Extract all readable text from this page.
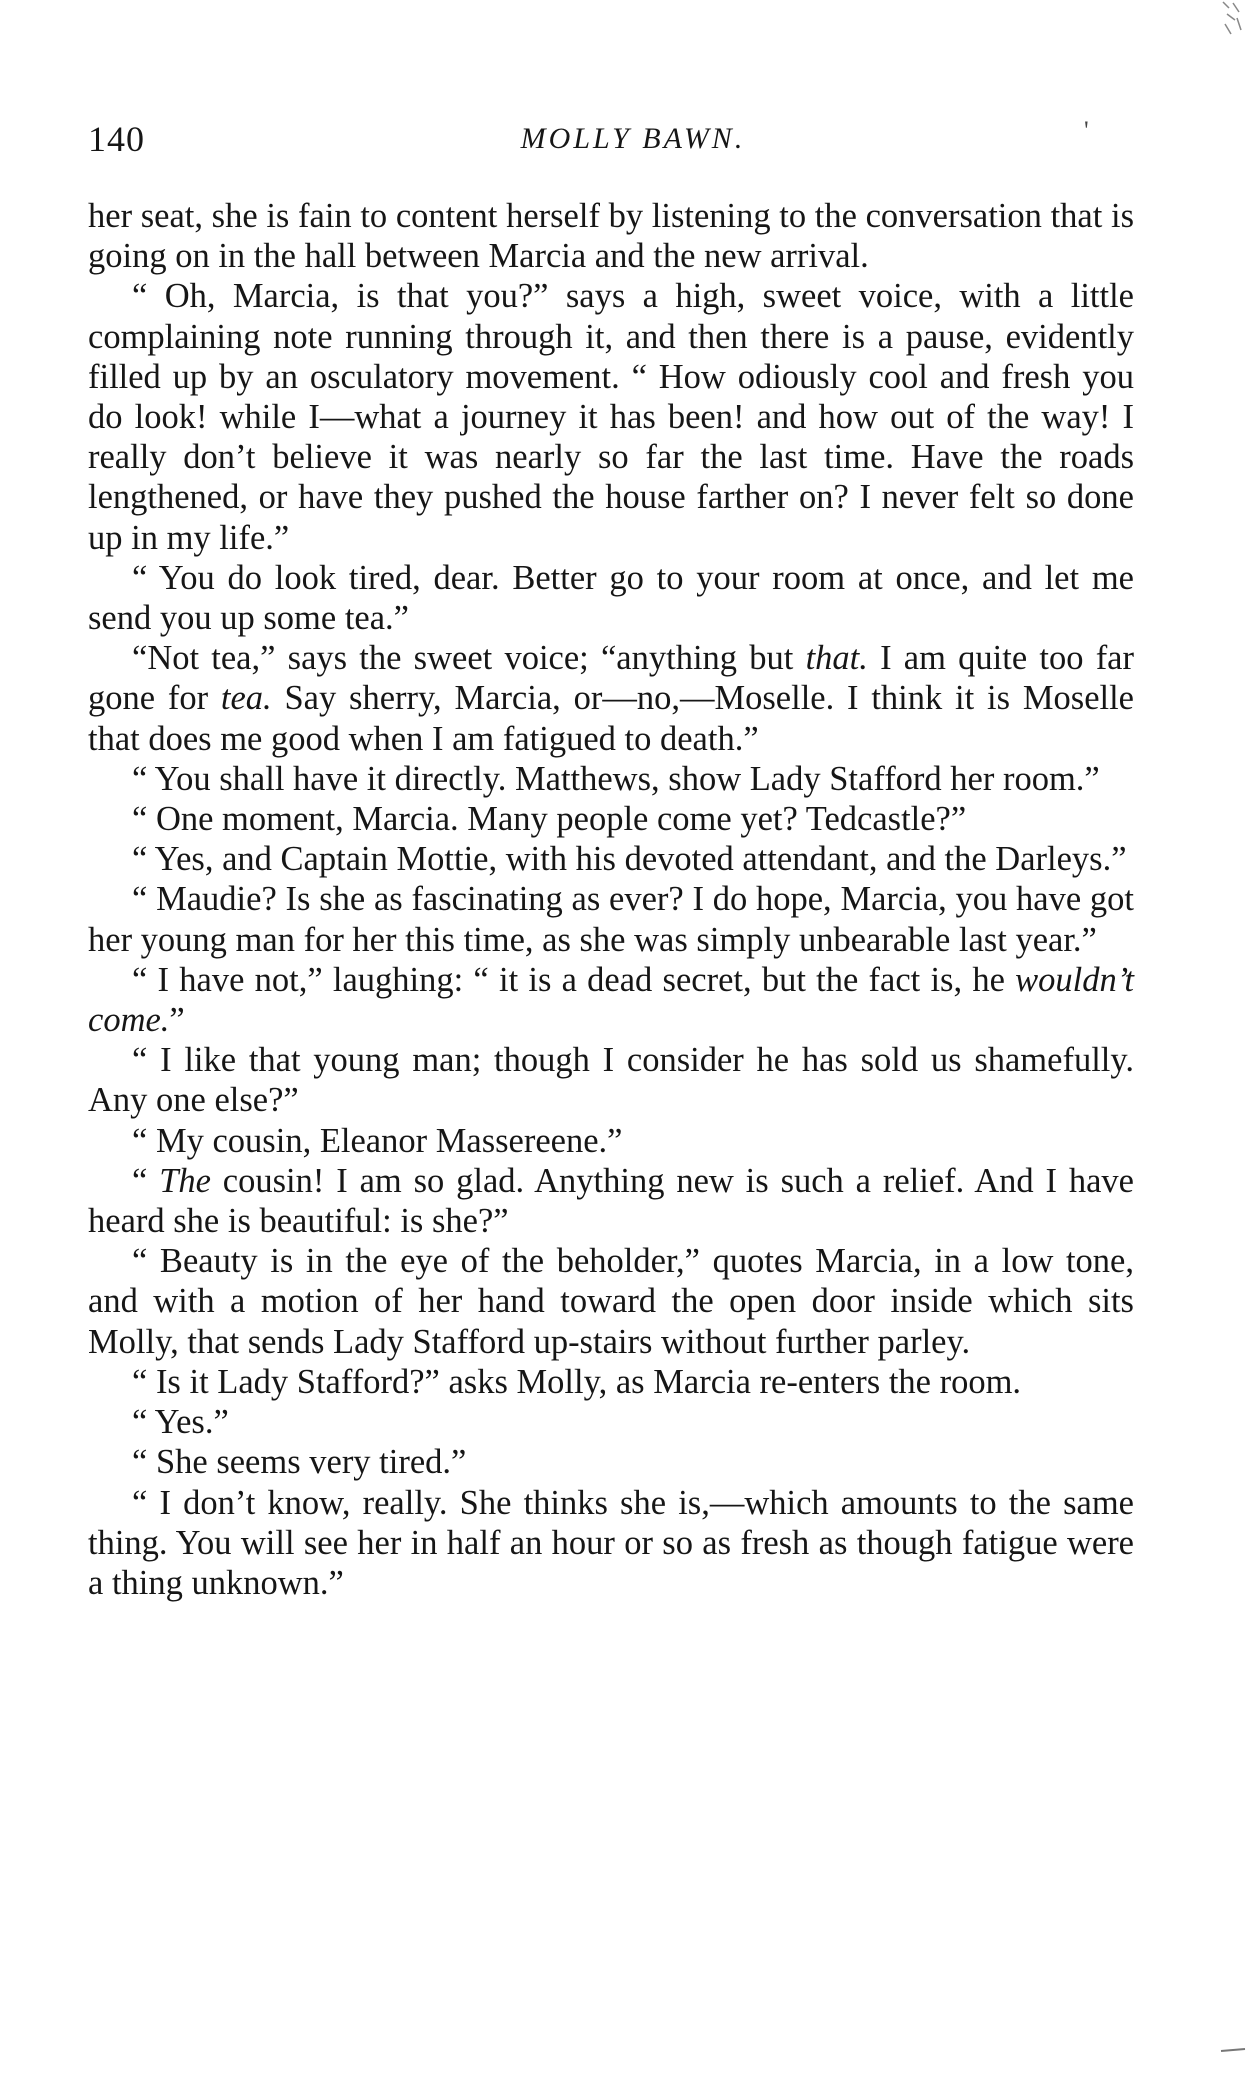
140	MOLLY BAWN.	'

her seat, she is fain to content herself by listening to the conversation that is going on in the hall between Marcia and the new arrival.

“ Oh, Marcia, is that you?” says a high, sweet voice, with a little complaining note running through it, and then there is a pause, evidently filled up by an osculatory movement. “ How odiously cool and fresh you do look! while I—what a journey it has been! and how out of the way! I really don’t believe it was nearly so far the last time. Have the roads lengthened, or have they pushed the house farther on? I never felt so done up in my life.”

“ You do look tired, dear. Better go to your room at once, and let me send you up some tea.”

“Not tea,” says the sweet voice; “anything but that. I am quite too far gone for tea. Say sherry, Marcia, or—no,—Moselle. I think it is Moselle that does me good when I am fatigued to death.”

“ You shall have it directly. Matthews, show Lady Stafford her room.”

“ One moment, Marcia. Many people come yet? Tedcastle?”

“ Yes, and Captain Mottie, with his devoted attendant, and the Darleys.”

“ Maudie? Is she as fascinating as ever? I do hope, Marcia, you have got her young man for her this time, as she was simply unbearable last year.”

“ I have not,” laughing: “ it is a dead secret, but the fact is, he wouldn’t come.”

“ I like that young man; though I consider he has sold us shamefully. Any one else?”

“ My cousin, Eleanor Massereene.”

“ The cousin! I am so glad. Anything new is such a relief. And I have heard she is beautiful: is she?”

“ Beauty is in the eye of the beholder,” quotes Marcia, in a low tone, and with a motion of her hand toward the open door inside which sits Molly, that sends Lady Stafford up-stairs without further parley.

“ Is it Lady Stafford?” asks Molly, as Marcia re-enters the room.

“ Yes.”

“ She seems very tired.”

“ I don’t know, really. She thinks she is,—which amounts to the same thing. You will see her in half an hour or so as fresh as though fatigue were a thing unknown.”
